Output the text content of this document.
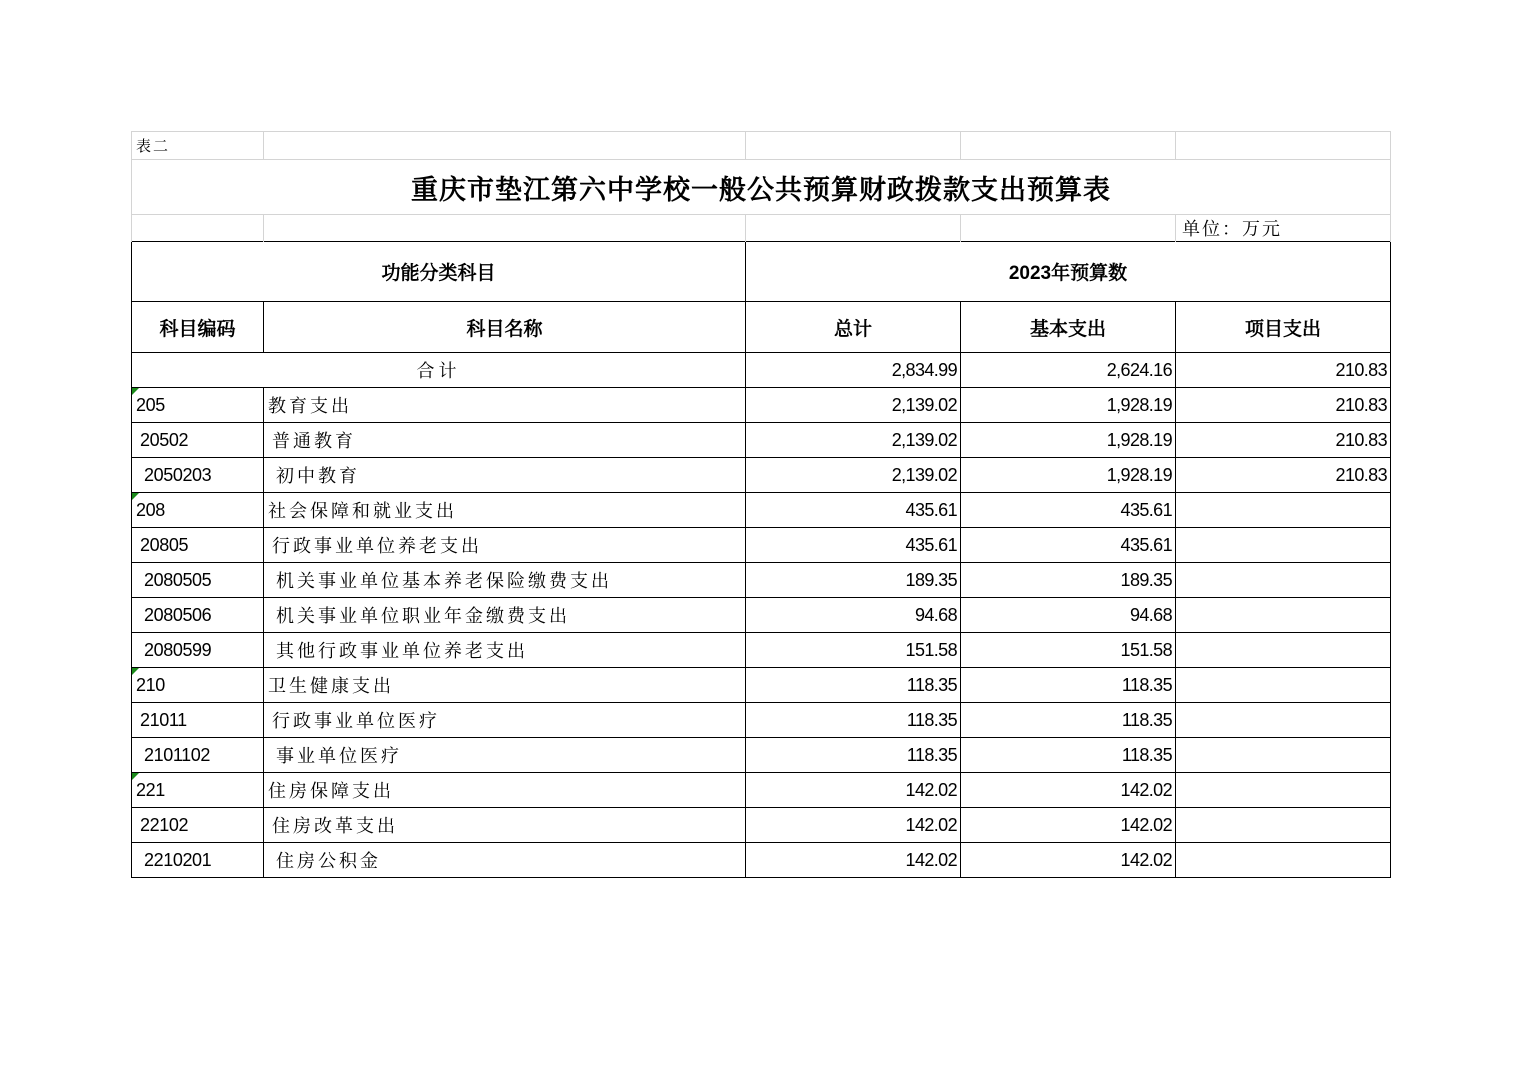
表二				
重庆市垫江第六中学校一般公共预算财政拨款支出预算表				
				单位：万元
功能分类科目		2023年预算数		
科目编码	科目名称	总计	基本支出	项目支出
合计		2,834.99	2,624.16	210.83
205	教育支出	2,139.02	1,928.19	210.83
20502	普通教育	2,139.02	1,928.19	210.83
2050203	初中教育	2,139.02	1,928.19	210.83
208	社会保障和就业支出	435.61	435.61	
20805	行政事业单位养老支出	435.61	435.61	
2080505	机关事业单位基本养老保险缴费支出	189.35	189.35	
2080506	机关事业单位职业年金缴费支出	94.68	94.68	
2080599	其他行政事业单位养老支出	151.58	151.58	
210	卫生健康支出	118.35	118.35	
21011	行政事业单位医疗	118.35	118.35	
2101102	事业单位医疗	118.35	118.35	
221	住房保障支出	142.02	142.02	
22102	住房改革支出	142.02	142.02	
2210201	住房公积金	142.02	142.02	
